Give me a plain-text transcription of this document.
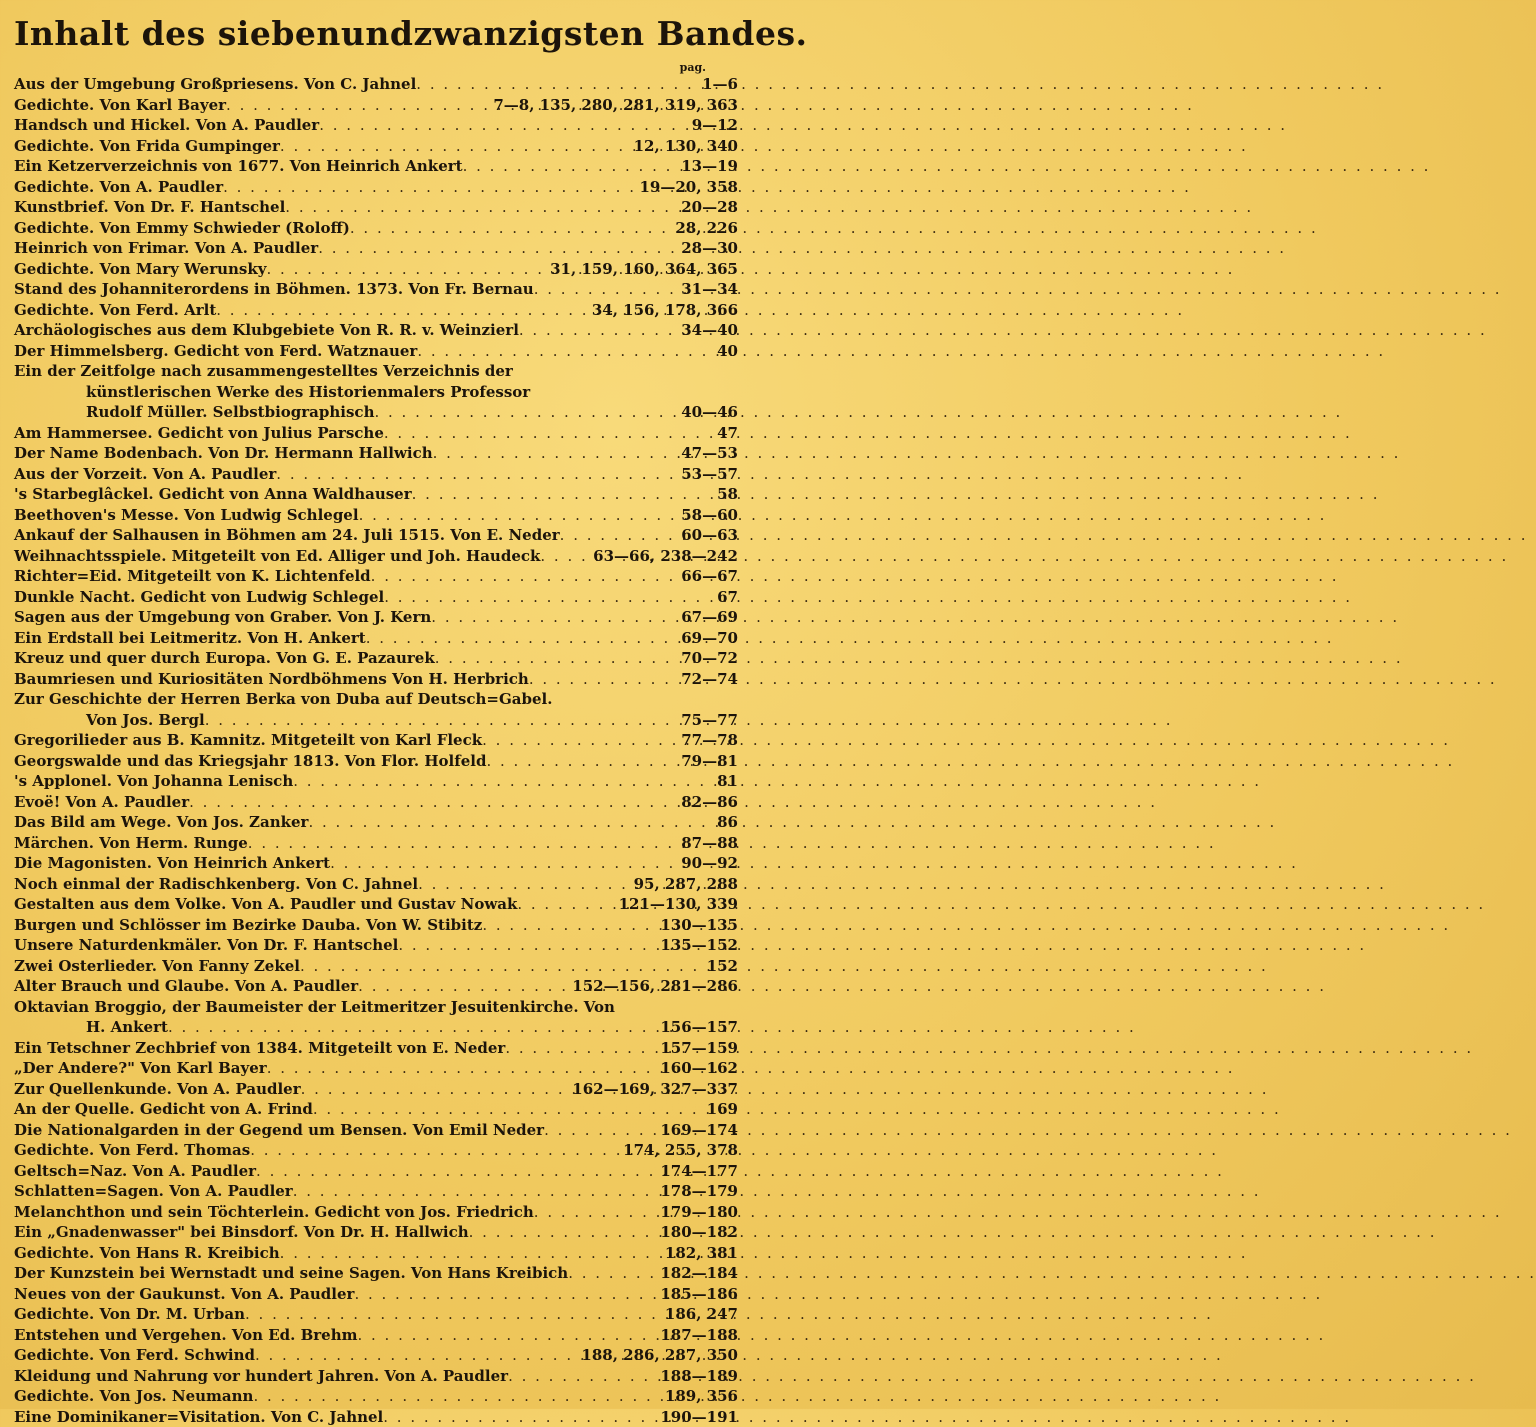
Inhalt des siebenundzwanzigsten Bandes.
pag.
Aus der Umgebung Großpriesens. Von C. Jahnel . . .	1—6
Gedichte. Von Karl Bayer . . .	7—8, 135, 280, 281, 319, 363
Handsch und Hickel. Von A. Paudler . . .	9—12
Gedichte. Von Frida Gumpinger . . .	12, 130, 340
Ein Ketzerverzeichnis von 1677. Von Heinrich Ankert . . .	13—19
Gedichte. Von A. Paudler . . .	19—20, 358
Kunstbrief. Von Dr. F. Hantschel . . .	20—28
Gedichte. Von Emmy Schwieder (Roloff) . . .	28, 226
Heinrich von Frimar. Von A. Paudler . . .	28—30
Gedichte. Von Mary Werunsky . . .	31, 159, 160, 364, 365
Stand des Johanniterordens in Böhmen. 1373. Von Fr. Bernau . . .	31—34
Gedichte. Von Ferd. Arlt . . .	34, 156, 178, 366
Archäologisches aus dem Klubgebiete Von R. R. v. Weinzierl . . .	34—40
Der Himmelsberg. Gedicht von Ferd. Watznauer . . .	40
Ein der Zeitfolge nach zusammengestelltes Verzeichnis der
künstlerischen Werke des Historienmalers Professor
Rudolf Müller. Selbstbiographisch . . .	40—46
Am Hammersee. Gedicht von Julius Parsche . . .	47
Der Name Bodenbach. Von Dr. Hermann Hallwich . . .	47—53
Aus der Vorzeit. Von A. Paudler . . .	53—57
's Starbeglâckel. Gedicht von Anna Waldhauser . . .	58
Beethoven's Messe. Von Ludwig Schlegel . . .	58—60
Ankauf der Salhausen in Böhmen am 24. Juli 1515. Von E. Neder . . .	60—63
Weihnachtsspiele. Mitgeteilt von Ed. Alliger und Joh. Haudeck . . .	63—66, 238—242
Richter=Eid. Mitgeteilt von K. Lichtenfeld . . .	66—67
Dunkle Nacht. Gedicht von Ludwig Schlegel . . .	67
Sagen aus der Umgebung von Graber. Von J. Kern . . .	67—69
Ein Erdstall bei Leitmeritz. Von H. Ankert . . .	69—70
Kreuz und quer durch Europa. Von G. E. Pazaurek . . .	70—72
Baumriesen und Kuriositäten Nordböhmens Von H. Herbrich . . .	72—74
Zur Geschichte der Herren Berka von Duba auf Deutsch=Gabel.
Von Jos. Bergl . . .	75—77
Gregorilieder aus B. Kamnitz. Mitgeteilt von Karl Fleck . . .	77—78
Georgswalde und das Kriegsjahr 1813. Von Flor. Holfeld . . .	79—81
's Applonel. Von Johanna Lenisch . . .	81
Evoë! Von A. Paudler . . .	82—86
Das Bild am Wege. Von Jos. Zanker . . .	86
Märchen. Von Herm. Runge . . .	87—88
Die Magonisten. Von Heinrich Ankert . . .	90—92
Noch einmal der Radischkenberg. Von C. Jahnel . . .	95, 287, 288
Gestalten aus dem Volke. Von A. Paudler und Gustav Nowak . . .	121—130, 339
Burgen und Schlösser im Bezirke Dauba. Von W. Stibitz . . .	130—135
Unsere Naturdenkmäler. Von Dr. F. Hantschel . . .	135—152
Zwei Osterlieder. Von Fanny Zekel . . .	152
Alter Brauch und Glaube. Von A. Paudler . . .	152—156, 281—286
Oktavian Broggio, der Baumeister der Leitmeritzer Jesuitenkirche. Von
H. Ankert . . .	156—157
Ein Tetschner Zechbrief von 1384. Mitgeteilt von E. Neder . . .	157—159
„Der Andere?" Von Karl Bayer . . .	160—162
Zur Quellenkunde. Von A. Paudler . . .	162—169, 327—337
An der Quelle. Gedicht von A. Frind . . .	169
Die Nationalgarden in der Gegend um Bensen. Von Emil Neder . . .	169—174
Gedichte. Von Ferd. Thomas . . .	174, 255, 378
Geltsch=Naz. Von A. Paudler . . .	174—177
Schlatten=Sagen. Von A. Paudler . . .	178—179
Melanchthon und sein Töchterlein. Gedicht von Jos. Friedrich . . .	179—180
Ein „Gnadenwasser" bei Binsdorf. Von Dr. H. Hallwich . . .	180—182
Gedichte. Von Hans R. Kreibich . . .	182, 381
Der Kunzstein bei Wernstadt und seine Sagen. Von Hans Kreibich . . .	182—184
Neues von der Gaukunst. Von A. Paudler . . .	185—186
Gedichte. Von Dr. M. Urban . . .	186, 247
Entstehen und Vergehen. Von Ed. Brehm . . .	187—188
Gedichte. Von Ferd. Schwind . . .	188, 286, 287, 350
Kleidung und Nahrung vor hundert Jahren. Von A. Paudler . . .	188—189
Gedichte. Von Jos. Neumann . . .	189, 356
Eine Dominikaner=Visitation. Von C. Jahnel . . .	190—191
